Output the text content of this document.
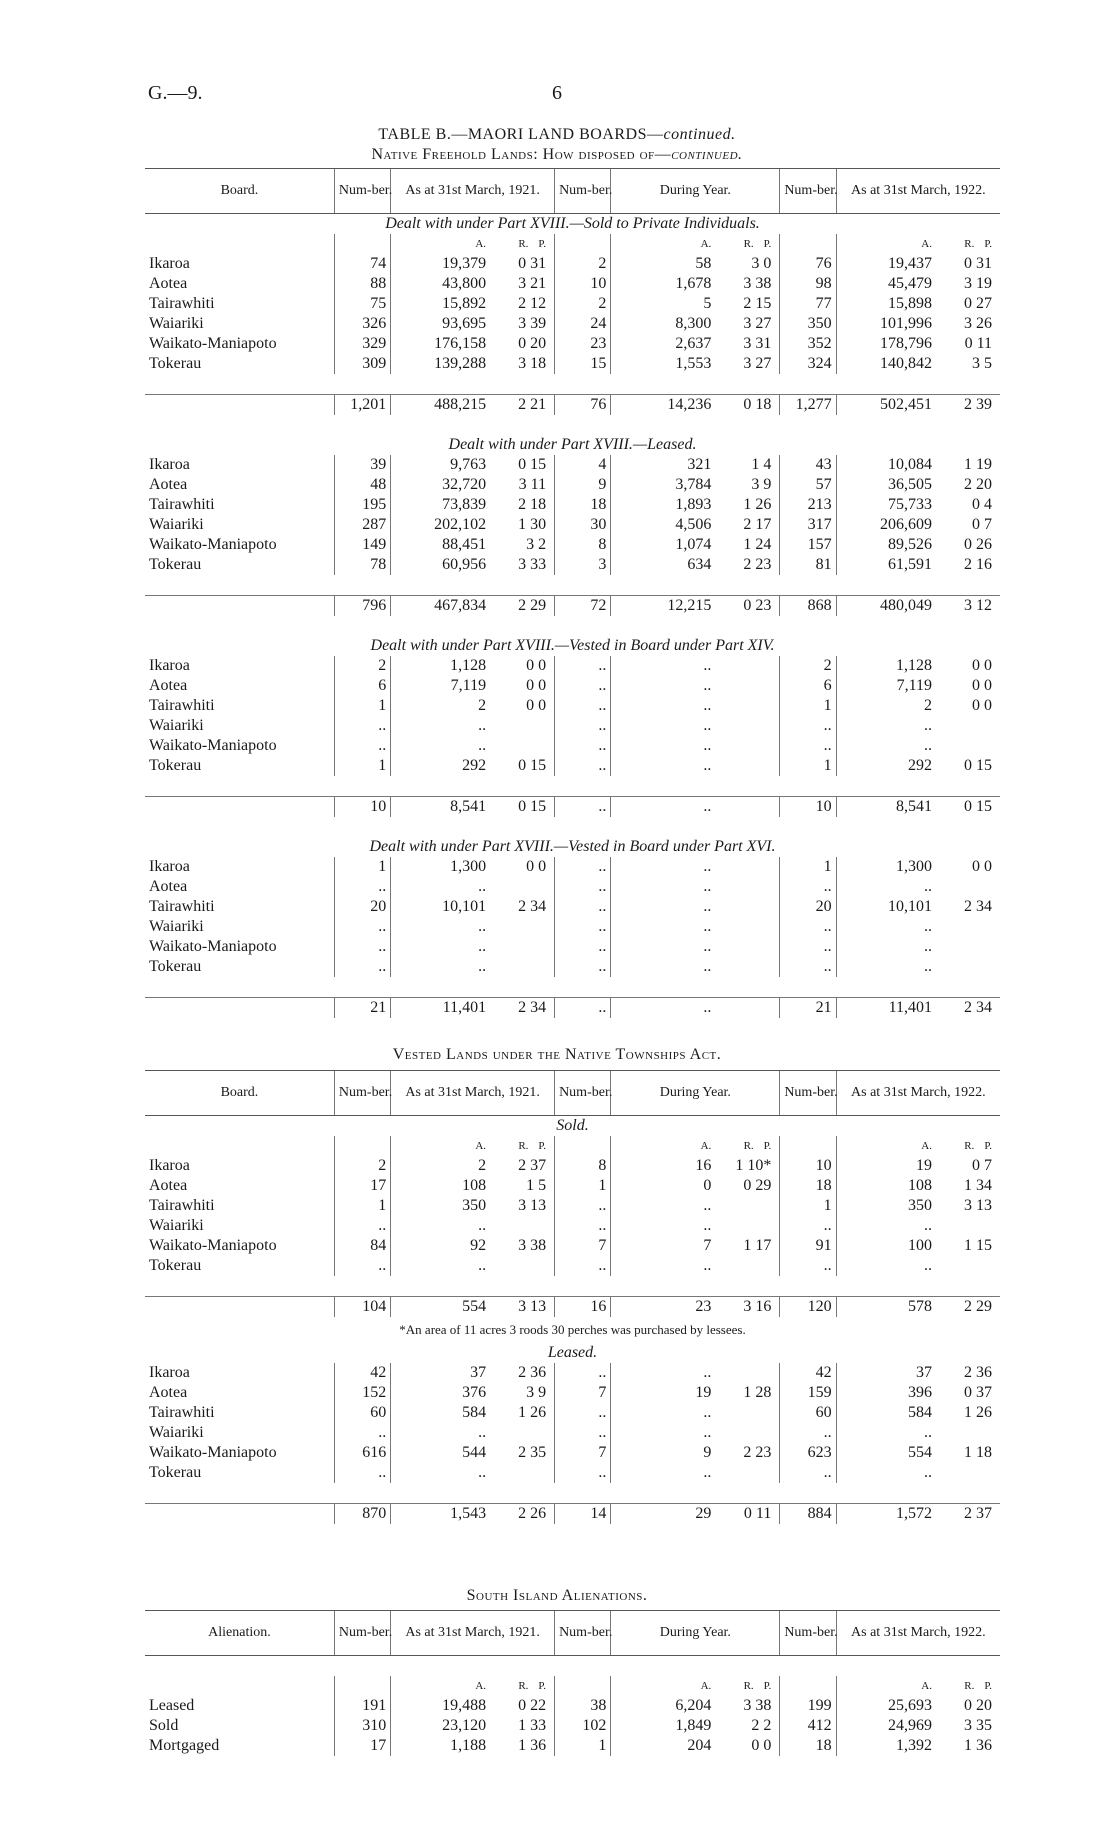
G.—9.	6
TABLE B.—MAORI LAND BOARDS—continued.
Native Freehold Lands: How disposed of—continued.
Board.	Num-ber.	As at 31st March, 1921.	Num-ber.	During Year.	Num-ber.	As at 31st March, 1922.
Dealt with under Part XVIII.—Sold to Private Individuals.						
		A. R. P.		A. R. P.		A. R. P.
Ikaroa	74	19,379 0 31	2	58 3 0	76	19,437 0 31
Aotea	88	43,800 3 21	10	1,678 3 38	98	45,479 3 19
Tairawhiti	75	15,892 2 12	2	5 2 15	77	15,898 0 27
Waiariki	326	93,695 3 39	24	8,300 3 27	350	101,996 3 26
Waikato-Maniapoto	329	176,158 0 20	23	2,637 3 31	352	178,796 0 11
Tokerau	309	139,288 3 18	15	1,553 3 27	324	140,842 3 5

	1,201	488,215 2 21	76	14,236 0 18	1,277	502,451 2 39

Dealt with under Part XVIII.—Leased.						
Ikaroa	39	9,763 0 15	4	321 1 4	43	10,084 1 19
Aotea	48	32,720 3 11	9	3,784 3 9	57	36,505 2 20
Tairawhiti	195	73,839 2 18	18	1,893 1 26	213	75,733 0 4
Waiariki	287	202,102 1 30	30	4,506 2 17	317	206,609 0 7
Waikato-Maniapoto	149	88,451 3 2	8	1,074 1 24	157	89,526 0 26
Tokerau	78	60,956 3 33	3	634 2 23	81	61,591 2 16

	796	467,834 2 29	72	12,215 0 23	868	480,049 3 12

Dealt with under Part XVIII.—Vested in Board under Part XIV.						
Ikaroa	2	1,128 0 0	..	..	2	1,128 0 0
Aotea	6	7,119 0 0	..	..	6	7,119 0 0
Tairawhiti	1	2 0 0	..	..	1	2 0 0
Waiariki	..	..	..	..	..	..
Waikato-Maniapoto	..	..	..	..	..	..
Tokerau	1	292 0 15	..	..	1	292 0 15

	10	8,541 0 15	..	..	10	8,541 0 15

Dealt with under Part XVIII.—Vested in Board under Part XVI.						
Ikaroa	1	1,300 0 0	..	..	1	1,300 0 0
Aotea	..	..	..	..	..	..
Tairawhiti	20	10,101 2 34	..	..	20	10,101 2 34
Waiariki	..	..	..	..	..	..
Waikato-Maniapoto	..	..	..	..	..	..
Tokerau	..	..	..	..	..	..

	21	11,401 2 34	..	..	21	11,401 2 34
Vested Lands under the Native Townships Act.
Board.	Num-ber.	As at 31st March, 1921.	Num-ber.	During Year.	Num-ber.	As at 31st March, 1922.
Sold.						
		A. R. P.		A. R. P.		A. R. P.
Ikaroa	2	2 2 37	8	16 1 10*	10	19 0 7
Aotea	17	108 1 5	1	0 0 29	18	108 1 34
Tairawhiti	1	350 3 13	..	..	1	350 3 13
Waiariki	..	..	..	..	..	..
Waikato-Maniapoto	84	92 3 38	7	7 1 17	91	100 1 15
Tokerau	..	..	..	..	..	..

	104	554 3 13	16	23 3 16	120	578 2 29
*An area of 11 acres 3 roods 30 perches was purchased by lessees.						
Leased.						
Ikaroa	42	37 2 36	..	..	42	37 2 36
Aotea	152	376 3 9	7	19 1 28	159	396 0 37
Tairawhiti	60	584 1 26	..	..	60	584 1 26
Waiariki	..	..	..	..	..	..
Waikato-Maniapoto	616	544 2 35	7	9 2 23	623	554 1 18
Tokerau	..	..	..	..	..	..

	870	1,543 2 26	14	29 0 11	884	1,572 2 37
South Island Alienations.
Alienation.	Num-ber.	As at 31st March, 1921.	Num-ber.	During Year.	Num-ber.	As at 31st March, 1922.

		A. R. P.		A. R. P.		A. R. P.
Leased	191	19,488 0 22	38	6,204 3 38	199	25,693 0 20
Sold	310	23,120 1 33	102	1,849 2 2	412	24,969 3 35
Mortgaged	17	1,188 1 36	1	204 0 0	18	1,392 1 36
